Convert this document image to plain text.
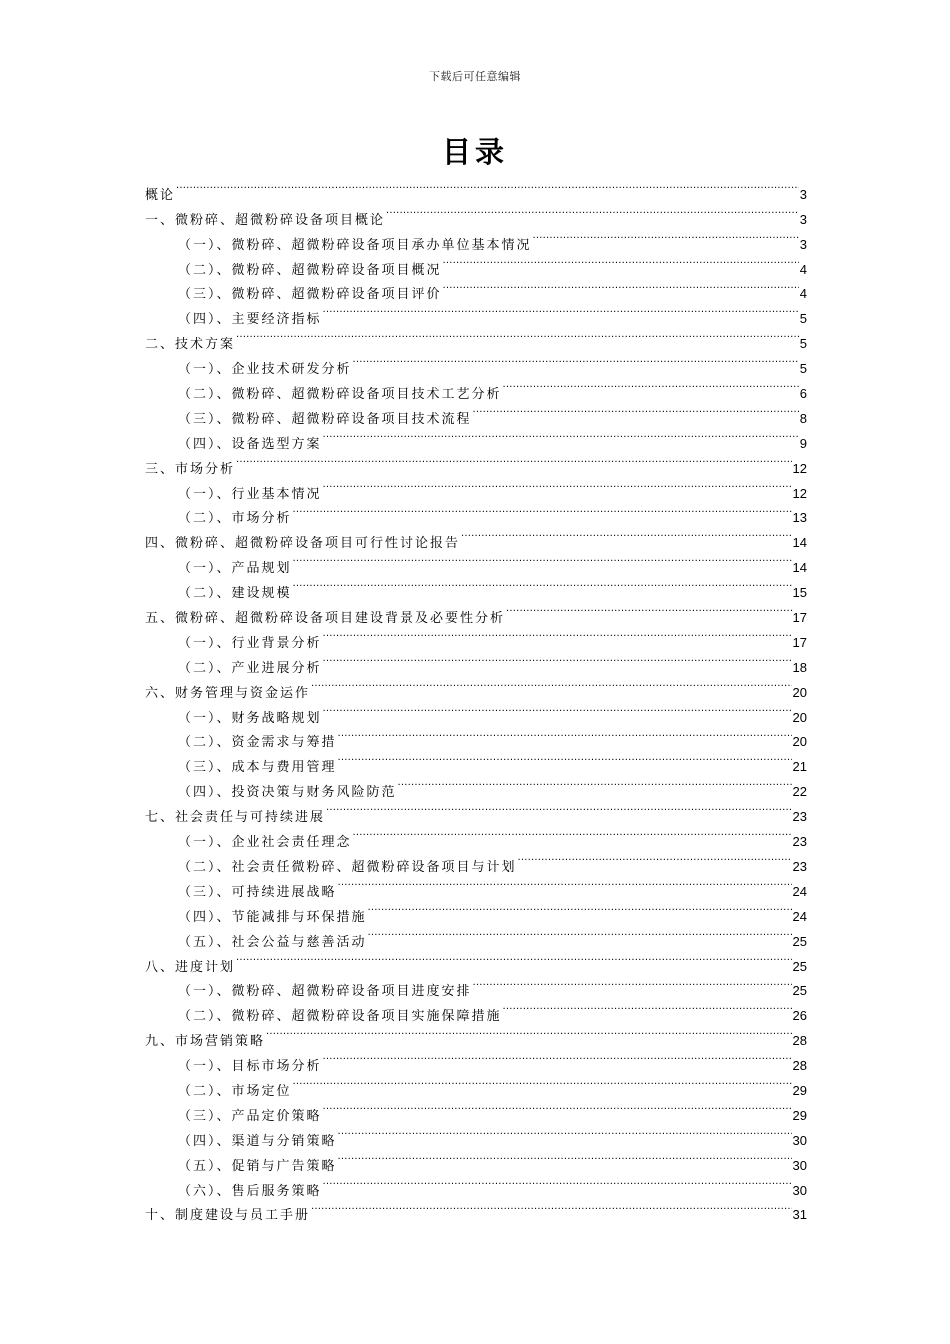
下载后可任意编辑
目录
概论 .....	3
一、微粉碎、超微粉碎设备项目概论 .....	3
（一）、微粉碎、超微粉碎设备项目承办单位基本情况 .....	3
（二）、微粉碎、超微粉碎设备项目概况 .....	4
（三）、微粉碎、超微粉碎设备项目评价 .....	4
（四）、主要经济指标 .....	5
二、技术方案 .....	5
（一）、企业技术研发分析 .....	5
（二）、微粉碎、超微粉碎设备项目技术工艺分析 .....	6
（三）、微粉碎、超微粉碎设备项目技术流程 .....	8
（四）、设备选型方案 .....	9
三、市场分析 .....	12
（一）、行业基本情况 .....	12
（二）、市场分析 .....	13
四、微粉碎、超微粉碎设备项目可行性讨论报告 .....	14
（一）、产品规划 .....	14
（二）、建设规模 .....	15
五、微粉碎、超微粉碎设备项目建设背景及必要性分析 .....	17
（一）、行业背景分析 .....	17
（二）、产业进展分析 .....	18
六、财务管理与资金运作 .....	20
（一）、财务战略规划 .....	20
（二）、资金需求与筹措 .....	20
（三）、成本与费用管理 .....	21
（四）、投资决策与财务风险防范 .....	22
七、社会责任与可持续进展 .....	23
（一）、企业社会责任理念 .....	23
（二）、社会责任微粉碎、超微粉碎设备项目与计划 .....	23
（三）、可持续进展战略 .....	24
（四）、节能减排与环保措施 .....	24
（五）、社会公益与慈善活动 .....	25
八、进度计划 .....	25
（一）、微粉碎、超微粉碎设备项目进度安排 .....	25
（二）、微粉碎、超微粉碎设备项目实施保障措施 .....	26
九、市场营销策略 .....	28
（一）、目标市场分析 .....	28
（二）、市场定位 .....	29
（三）、产品定价策略 .....	29
（四）、渠道与分销策略 .....	30
（五）、促销与广告策略 .....	30
（六）、售后服务策略 .....	30
十、制度建设与员工手册 .....	31
